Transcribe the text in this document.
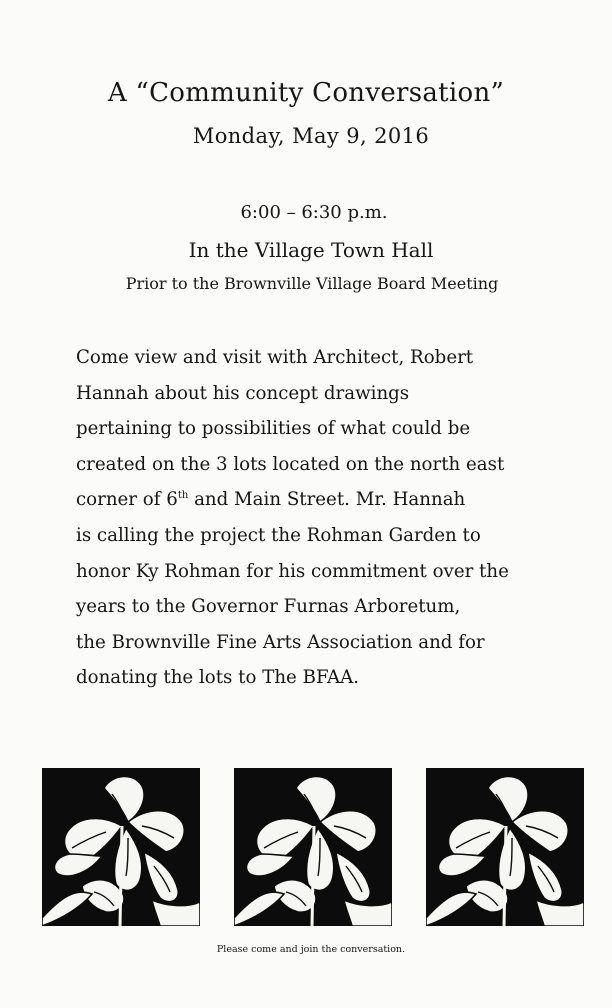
A “Community Conversation”
Monday, May 9, 2016
6:00 – 6:30 p.m.
In the Village Town Hall
Prior to the Brownville Village Board Meeting
Come view and visit with Architect, Robert
Hannah about his concept drawings
pertaining to possibilities of what could be
created on the 3 lots located on the north east
corner of 6th and Main Street. Mr. Hannah
is calling the project the Rohman Garden to
honor Ky Rohman for his commitment over the
years to the Governor Furnas Arboretum,
the Brownville Fine Arts Association and for
donating the lots to The BFAA.
Please come and join the conversation.
